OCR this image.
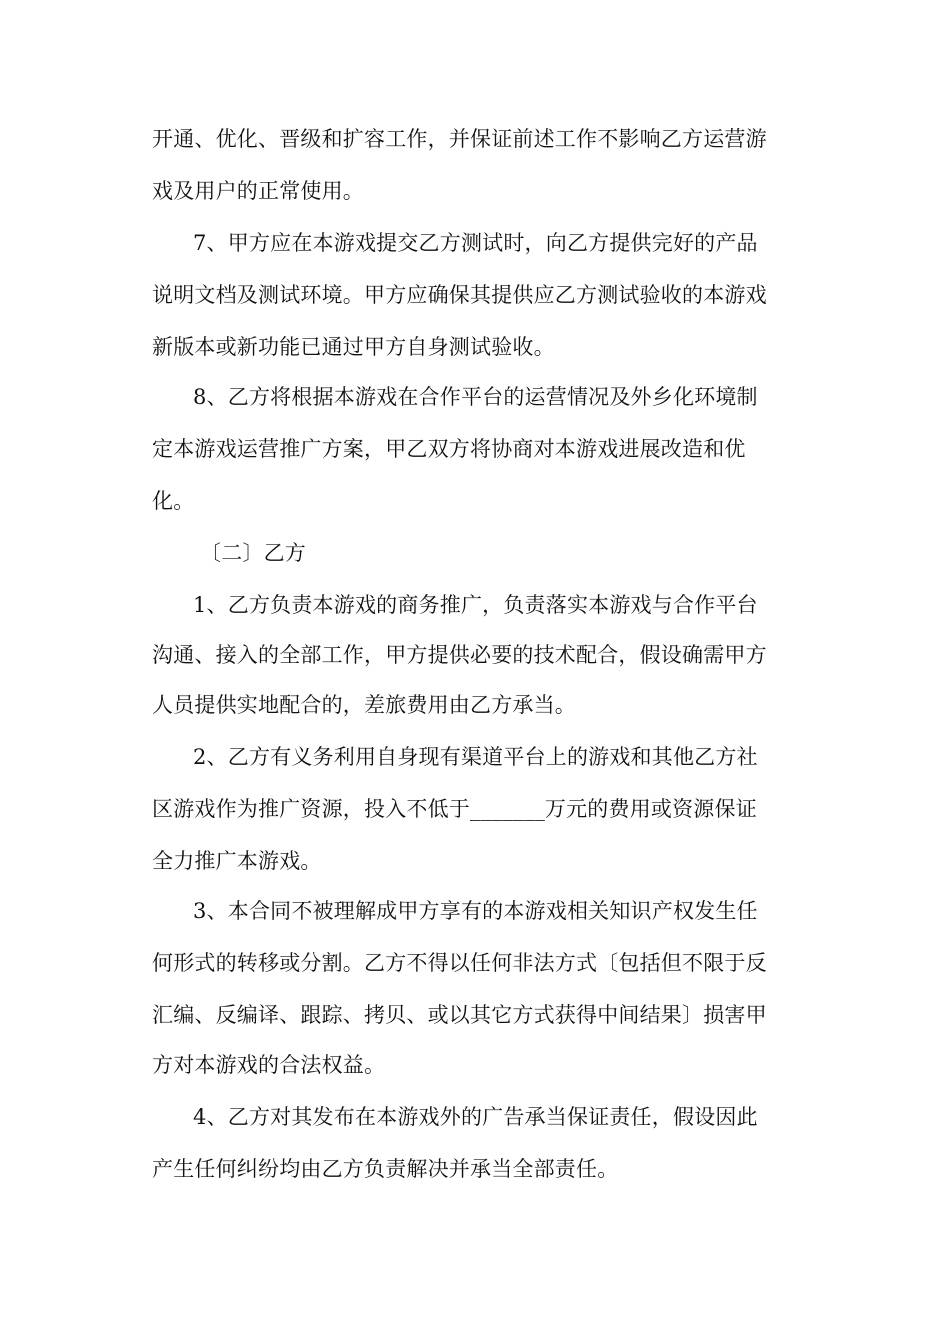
开通、优化、晋级和扩容工作，并保证前述工作不影响乙方运营游
戏及用户的正常使用。
7、甲方应在本游戏提交乙方测试时，向乙方提供完好的产品
说明文档及测试环境。甲方应确保其提供应乙方测试验收的本游戏
新版本或新功能已通过甲方自身测试验收。
8、乙方将根据本游戏在合作平台的运营情况及外乡化环境制
定本游戏运营推广方案，甲乙双方将协商对本游戏进展改造和优
化。
〔二〕乙方
1、乙方负责本游戏的商务推广，负责落实本游戏与合作平台
沟通、接入的全部工作，甲方提供必要的技术配合，假设确需甲方
人员提供实地配合的，差旅费用由乙方承当。
2、乙方有义务利用自身现有渠道平台上的游戏和其他乙方社
区游戏作为推广资源，投入不低于_______万元的费用或资源保证
全力推广本游戏。
3、本合同不被理解成甲方享有的本游戏相关知识产权发生任
何形式的转移或分割。乙方不得以任何非法方式〔包括但不限于反
汇编、反编译、跟踪、拷贝、或以其它方式获得中间结果〕损害甲
方对本游戏的合法权益。
4、乙方对其发布在本游戏外的广告承当保证责任，假设因此
产生任何纠纷均由乙方负责解决并承当全部责任。
